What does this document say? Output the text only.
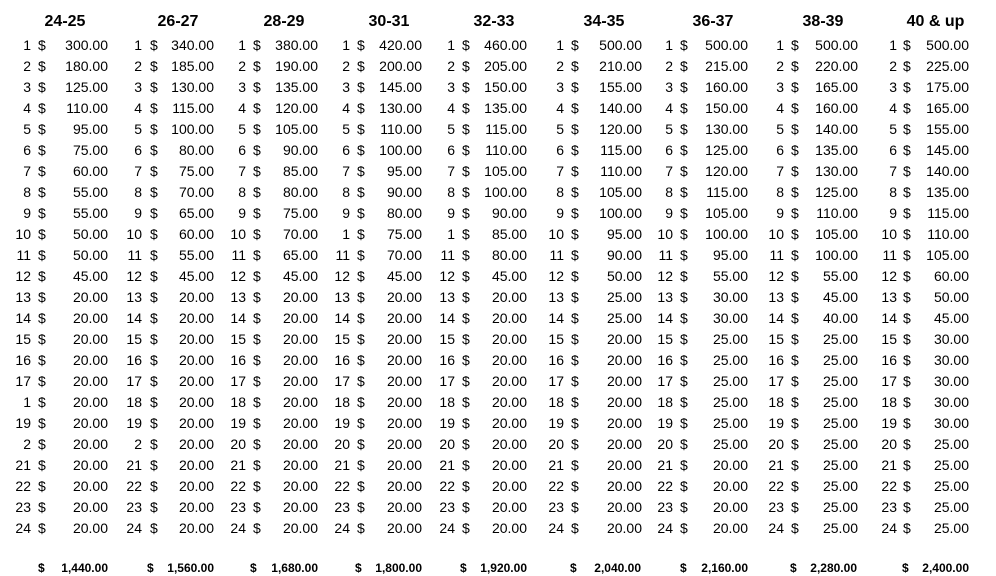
24-25
1 $	300.00
2 $	180.00
3 $	125.00
4 $	110.00
5 $	95.00
6 $	75.00
7 $	60.00
8 $	55.00
9 $	55.00
10 $	50.00
11 $	50.00
12 $	45.00
13 $	20.00
14 $	20.00
15 $	20.00
16 $	20.00
17 $	20.00
1 $	20.00
19 $	20.00
2 $	20.00
21 $	20.00
22 $	20.00
23 $	20.00
24 $	20.00
$	1,440.00
26-27
1 $ 340.00
2 $ 185.00
3 $ 130.00
4 $	115.00
5 $ 100.00
6 $	80.00
7 $	75.00
8 $	70.00
9 $	65.00
10 $	60.00
11 $	55.00
12 $	45.00
13 $	20.00
14 $	20.00
15 $	20.00
16 $	20.00
17 $	20.00
18 $	20.00
19 $	20.00
2 $	20.00
21 $	20.00
22 $	20.00
23 $	20.00
24 $	20.00
$	1,560.00
28-29
1 $	380.00
2 $	190.00
3 $	135.00
4 $	120.00
5 $	105.00
6 $	90.00
7 $	85.00
8 $	80.00
9 $	75.00
10 $	70.00
11 $	65.00
12 $	45.00
13 $	20.00
14 $	20.00
15 $	20.00
16 $	20.00
17 $	20.00
18 $	20.00
19 $	20.00
20 $	20.00
21 $	20.00
22 $	20.00
23 $	20.00
24 $	20.00
$	1,680.00
30-31
1 $	420.00
2 $	200.00
3 $	145.00
4 $	130.00
5 $	110.00
6 $	100.00
7 $	95.00
8 $	90.00
9 $	80.00
1 $	75.00
11 $	70.00
12 $	45.00
13 $	20.00
14 $	20.00
15 $	20.00
16 $	20.00
17 $	20.00
18 $	20.00
19 $	20.00
20 $	20.00
21 $	20.00
22 $	20.00
23 $	20.00
24 $	20.00
$	1,800.00
32-33
1 $	460.00
2 $	205.00
3 $	150.00
4 $	135.00
5 $	115.00
6 $	110.00
7 $	105.00
8 $	100.00
9 $	90.00
1 $	85.00
11 $	80.00
12 $	45.00
13 $	20.00
14 $	20.00
15 $	20.00
16 $	20.00
17 $	20.00
18 $	20.00
19 $	20.00
20 $	20.00
21 $	20.00
22 $	20.00
23 $	20.00
24 $	20.00
$	1,920.00
34-35
1 $	500.00
2 $	210.00
3 $	155.00
4 $	140.00
5 $	120.00
6 $	115.00
7 $	110.00
8 $	105.00
9 $	100.00
10 $	95.00
11 $	90.00
12 $	50.00
13 $	25.00
14 $	25.00
15 $	20.00
16 $	20.00
17 $	20.00
18 $	20.00
19 $	20.00
20 $	20.00
21 $	20.00
22 $	20.00
23 $	20.00
24 $	20.00
$	2,040.00
36-37
1 $	500.00
2 $	215.00
3 $	160.00
4 $	150.00
5 $	130.00
6 $	125.00
7 $	120.00
8 $	115.00
9 $	105.00
10 $	100.00
11 $	95.00
12 $	55.00
13 $	30.00
14 $	30.00
15 $	25.00
16 $	25.00
17 $	25.00
18 $	25.00
19 $	25.00
20 $	25.00
21 $	20.00
22 $	20.00
23 $	20.00
24 $	20.00
$	2,160.00
38-39
1 $	500.00
2 $	220.00
3 $	165.00
4 $	160.00
5 $	140.00
6 $	135.00
7 $	130.00
8 $	125.00
9 $	110.00
10 $	105.00
11 $	100.00
12 $	55.00
13 $	45.00
14 $	40.00
15 $	25.00
16 $	25.00
17 $	25.00
18 $	25.00
19 $	25.00
20 $	25.00
21 $	25.00
22 $	25.00
23 $	25.00
24 $	25.00
$	2,280.00
40 & up
1 $	500.00
2 $	225.00
3 $	175.00
4 $	165.00
5 $	155.00
6 $	145.00
7 $	140.00
8 $	135.00
9 $	115.00
10 $	110.00
11 $	105.00
12 $	60.00
13 $	50.00
14 $	45.00
15 $	30.00
16 $	30.00
17 $	30.00
18 $	30.00
19 $	30.00
20 $	25.00
21 $	25.00
22 $	25.00
23 $	25.00
24 $	25.00
$	2,400.00
